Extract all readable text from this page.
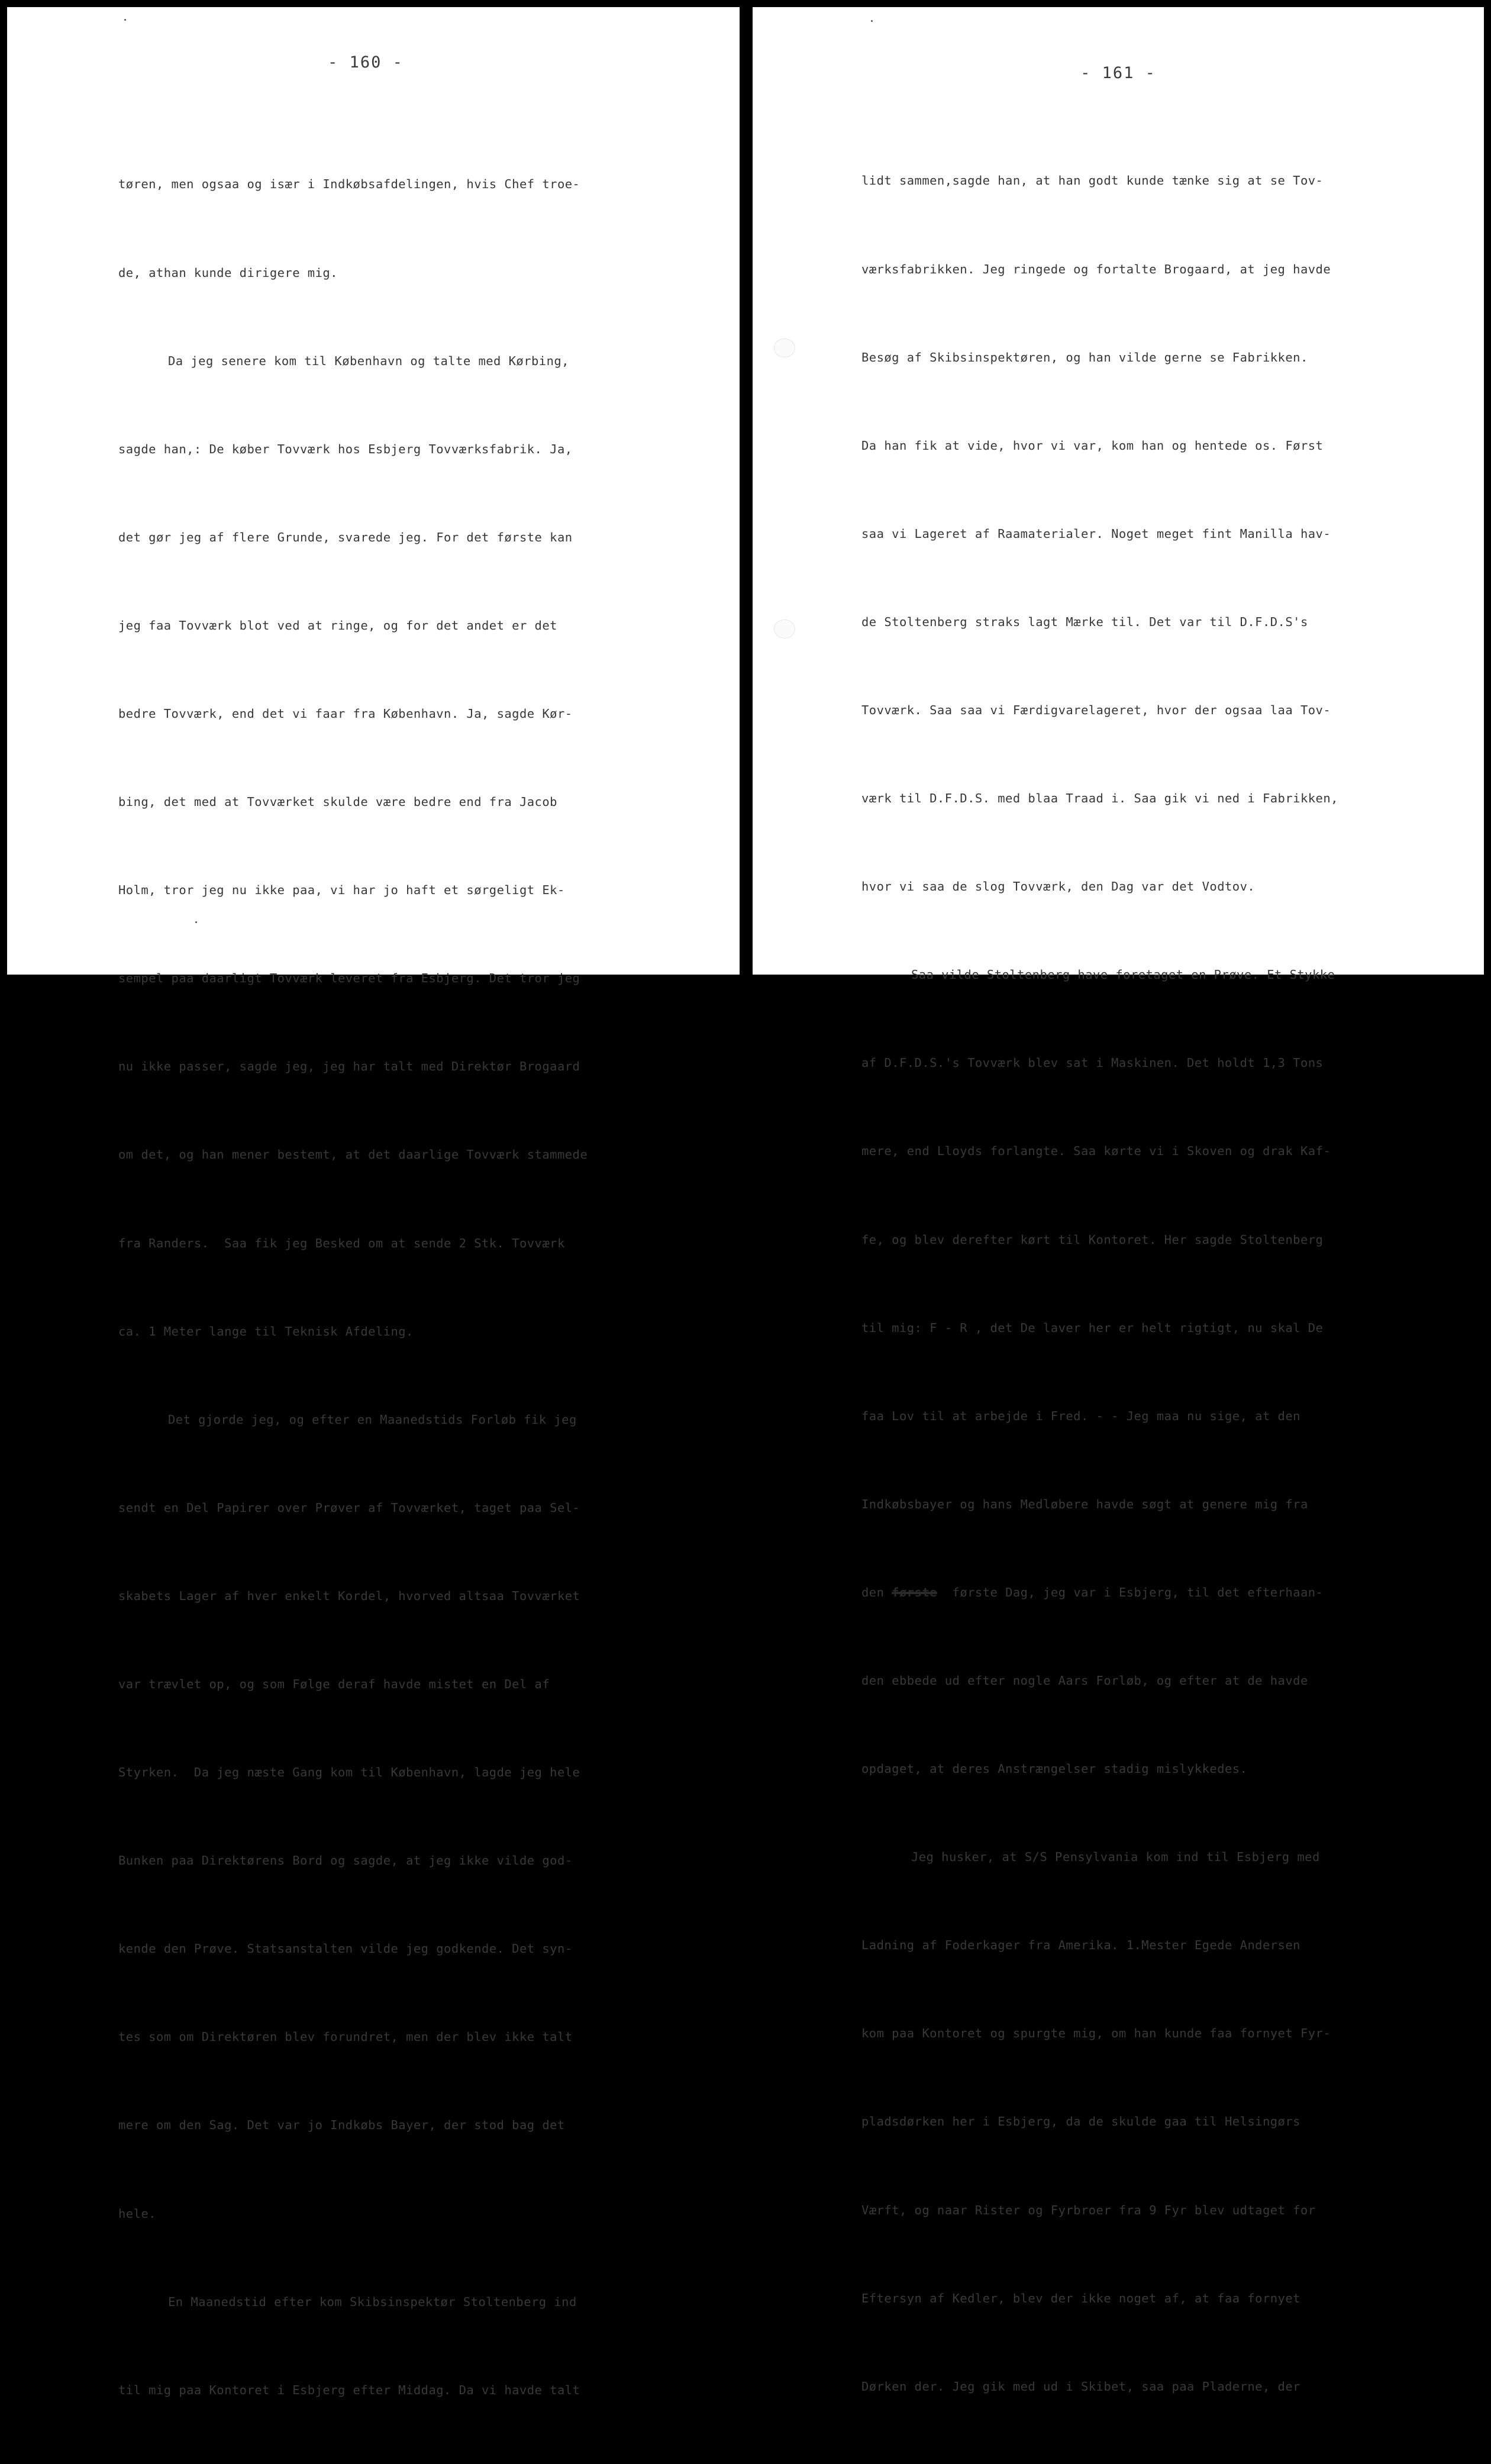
- 160 -

tøren, men ogsaa og især i Indkøbsafdelingen, hvis Chef troe-

de, athan kunde dirigere mig.

Da jeg senere kom til København og talte med Kørbing,

sagde han,: De køber Tovværk hos Esbjerg Tovværksfabrik. Ja,

det gør jeg af flere Grunde, svarede jeg. For det første kan

jeg faa Tovværk blot ved at ringe, og for det andet er det

bedre Tovværk, end det vi faar fra København. Ja, sagde Kør-

bing, det med at Tovværket skulde være bedre end fra Jacob

Holm, tror jeg nu ikke paa, vi har jo haft et sørgeligt Ek-

sempel paa daarligt Tovværk leveret fra Esbjerg. Det tror jeg

nu ikke passer, sagde jeg, jeg har talt med Direktør Brogaard

om det, og han mener bestemt, at det daarlige Tovværk stammede

fra Randers.  Saa fik jeg Besked om at sende 2 Stk. Tovværk

ca. 1 Meter lange til Teknisk Afdeling.

Det gjorde jeg, og efter en Maanedstids Forløb fik jeg

sendt en Del Papirer over Prøver af Tovværket, taget paa Sel-

skabets Lager af hver enkelt Kordel, hvorved altsaa Tovværket

var trævlet op, og som Følge deraf havde mistet en Del af

Styrken.  Da jeg næste Gang kom til København, lagde jeg hele

Bunken paa Direktørens Bord og sagde, at jeg ikke vilde god-

kende den Prøve. Statsanstalten vilde jeg godkende. Det syn-

tes som om Direktøren blev forundret, men der blev ikke talt

mere om den Sag. Det var jo Indkøbs Bayer, der stod bag det

hele.

En Maanedstid efter kom Skibsinspektør Stoltenberg ind

til mig paa Kontoret i Esbjerg efter Middag. Da vi havde talt

- 161 -

lidt sammen,sagde han, at han godt kunde tænke sig at se Tov-

værksfabrikken. Jeg ringede og fortalte Brogaard, at jeg havde

Besøg af Skibsinspektøren, og han vilde gerne se Fabrikken.

Da han fik at vide, hvor vi var, kom han og hentede os. Først

saa vi Lageret af Raamaterialer. Noget meget fint Manilla hav-

de Stoltenberg straks lagt Mærke til. Det var til D.F.D.S's

Tovværk. Saa saa vi Færdigvarelageret, hvor der ogsaa laa Tov-

værk til D.F.D.S. med blaa Traad i. Saa gik vi ned i Fabrikken,

hvor vi saa de slog Tovværk, den Dag var det Vodtov.

Saa vilde Stoltenberg have foretaget en Prøve. Et Stykke

af D.F.D.S.'s Tovværk blev sat i Maskinen. Det holdt 1,3 Tons

mere, end Lloyds forlangte. Saa kørte vi i Skoven og drak Kaf-

fe, og blev derefter kørt til Kontoret. Her sagde Stoltenberg

til mig: F - R , det De laver her er helt rigtigt, nu skal De

faa Lov til at arbejde i Fred. - - Jeg maa nu sige, at den

Indkøbsbayer og hans Medløbere havde søgt at genere mig fra

den første  første Dag, jeg var i Esbjerg, til det efterhaan-

den ebbede ud efter nogle Aars Forløb, og efter at de havde

opdaget, at deres Anstrængelser stadig mislykkedes.

Jeg husker, at S/S Pensylvania kom ind til Esbjerg med

Ladning af Foderkager fra Amerika. 1.Mester Egede Andersen

kom paa Kontoret og spurgte mig, om han kunde faa fornyet Fyr-

pladsdørken her i Esbjerg, da de skulde gaa til Helsingørs

Værft, og naar Rister og Fyrbroer fra 9 Fyr blev udtaget for

Eftersyn af Kedler, blev der ikke noget af, at faa fornyet

Dørken der. Jeg gik med ud i Skibet, saa paa Pladerne, der
